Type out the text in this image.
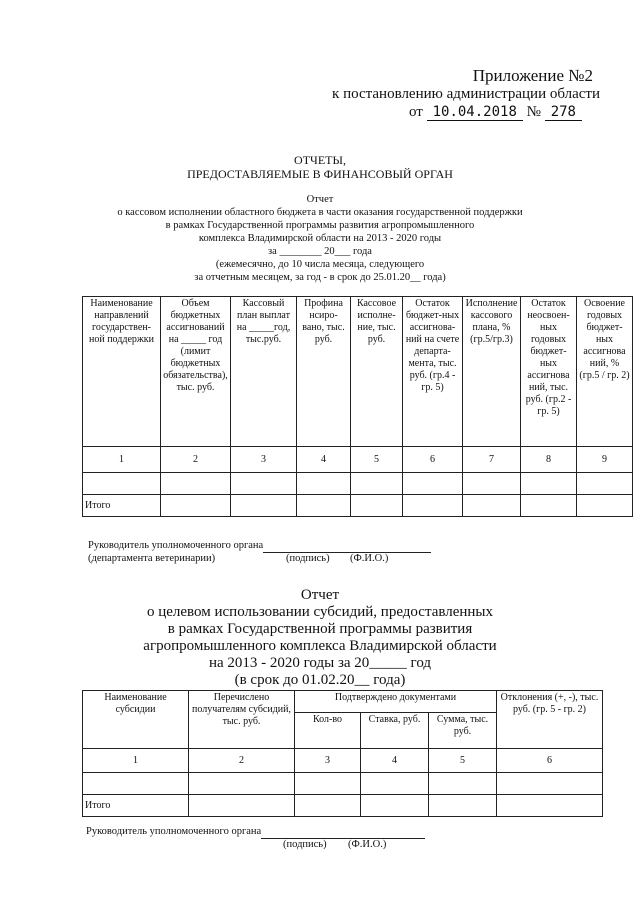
Приложение №2
к постановлению администрации области
от 10.04.2018 № 278
ОТЧЕТЫ,
ПРЕДОСТАВЛЯЕМЫЕ В ФИНАНСОВЫЙ ОРГАН
Отчет
о кассовом исполнении областного бюджета в части оказания государственной поддержки
в рамках Государственной программы развития агропромышленного
комплекса Владимирской области на 2013 - 2020 годы
за ________ 20___ года
(ежемесячно, до 10 числа месяца, следующего
за отчетным месяцем, за год - в срок до 25.01.20__ года)
Наименование направлений государствен-ной поддержки	Объем бюджетных ассигнований на _____ год (лимит бюджетных обязательства), тыс. руб.	Кассовый план выплат на _____год, тыс.руб.	Профина нсиро-вано, тыс. руб.	Кассовое исполне-ние, тыс. руб.	Остаток бюджет-ных ассигнова-ний на счете департа-мента, тыс. руб. (гр.4 - гр. 5)	Исполнение кассового плана, % (гр.5/гр.3)	Остаток неосвоен-ных годовых бюджет-ных ассигнова ний, тыс. руб. (гр.2 - гр. 5)	Освоение годовых бюджет-ных ассигнова ний, % (гр.5 / гр. 2)
1	2	3	4	5	6	7	8	9

Итого								
Руководитель уполномоченного органа
(департамента ветеринарии)	(подпись) (Ф.И.О.)
Отчет
о целевом использовании субсидий, предоставленных
в рамках Государственной программы развития
агропромышленного комплекса Владимирской области
на 2013 - 2020 годы за 20_____ год
(в срок до 01.02.20__ года)
Наименование субсидии	Перечислено получателям субсидий, тыс. руб.	Подтверждено документами			Отклонения (+, -), тыс. руб. (гр. 5 - гр. 2)
		Кол-во	Ставка, руб.	Сумма, тыс. руб.	
1	2	3	4	5	6

Итого					
Руководитель уполномоченного органа
(подпись) (Ф.И.О.)
